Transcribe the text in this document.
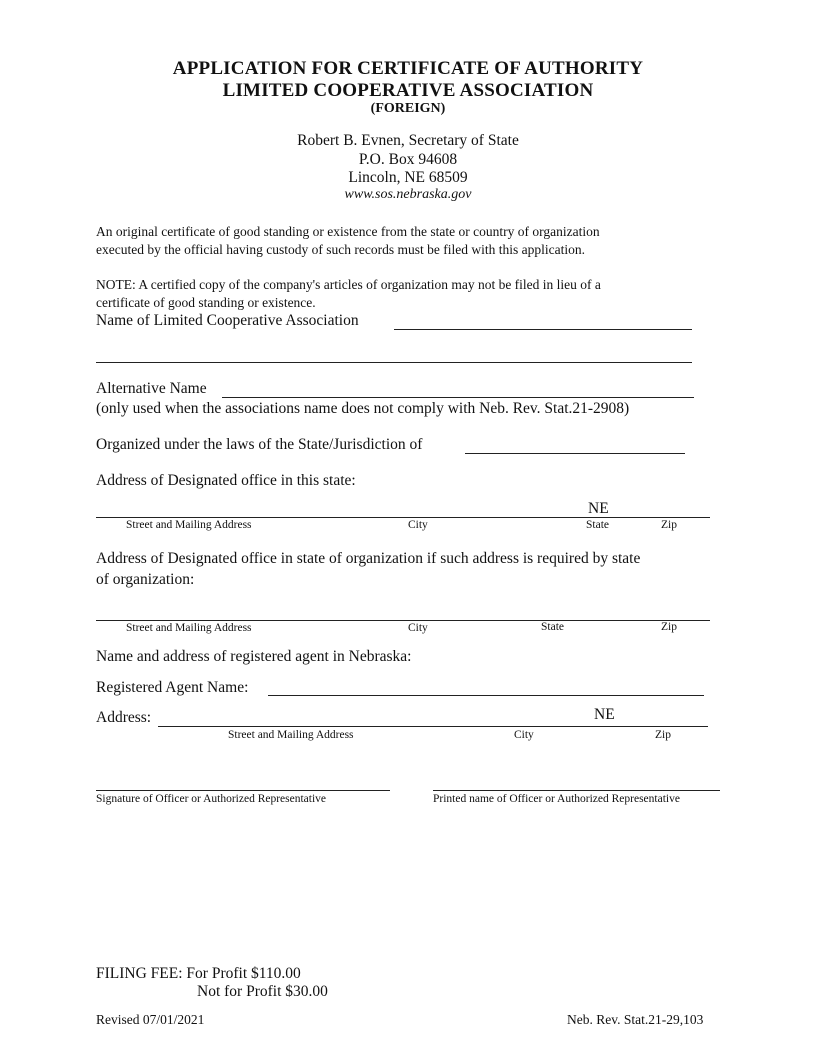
APPLICATION FOR CERTIFICATE OF AUTHORITY
LIMITED COOPERATIVE ASSOCIATION
(FOREIGN)
Robert B. Evnen, Secretary of State
P.O. Box 94608
Lincoln, NE 68509
www.sos.nebraska.gov
An original certificate of good standing or existence from the state or country of organization
executed by the official having custody of such records must be filed with this application.
NOTE: A certified copy of the company's articles of organization may not be filed in lieu of a
certificate of good standing or existence.
Name of Limited Cooperative Association
Alternative Name
(only used when the associations name does not comply with Neb. Rev. Stat.21-2908)
Organized under the laws of the State/Jurisdiction of
Address of Designated office in this state:
NE
Street and Mailing Address	City	State	Zip
Address of Designated office in state of organization if such address is required by state
of organization:
Street and Mailing Address	City	State	Zip
Name and address of registered agent in Nebraska:
Registered Agent Name:
Address:	NE
Street and Mailing Address	City	Zip
Signature of Officer or Authorized Representative	Printed name of Officer or Authorized Representative
FILING FEE: For Profit $110.00
Not for Profit $30.00
Revised 07/01/2021	Neb. Rev. Stat.21-29,103
